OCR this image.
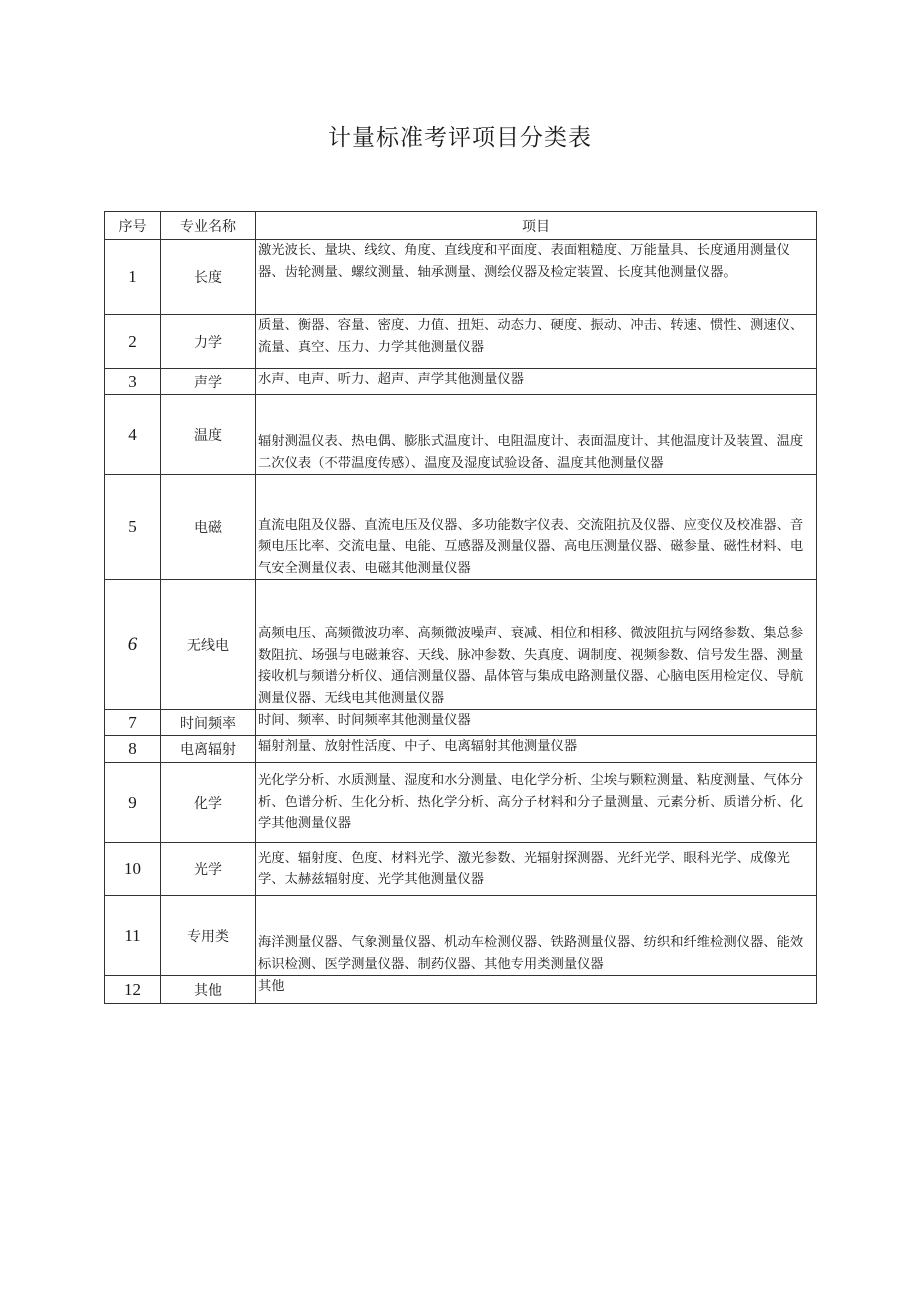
计量标准考评项目分类表
序号	专业名称	项目
1	长度	激光波长、量块、线纹、角度、直线度和平面度、表面粗糙度、万能量具、长度通用测量仪器、齿轮测量、螺纹测量、轴承测量、测绘仪器及检定装置、长度其他测量仪器。
2	力学	质量、衡器、容量、密度、力值、扭矩、动态力、硬度、振动、冲击、转速、惯性、测速仪、流量、真空、压力、力学其他测量仪器
3	声学	水声、电声、听力、超声、声学其他测量仪器
4	温度	辐射测温仪表、热电偶、膨胀式温度计、电阻温度计、表面温度计、其他温度计及装置、温度二次仪表（不带温度传感）、温度及湿度试验设备、温度其他测量仪器
5	电磁	直流电阻及仪器、直流电压及仪器、多功能数字仪表、交流阻抗及仪器、应变仪及校准器、音频电压比率、交流电量、电能、互感器及测量仪器、高电压测量仪器、磁参量、磁性材料、电气安全测量仪表、电磁其他测量仪器
6	无线电	高频电压、高频微波功率、高频微波噪声、衰减、相位和相移、微波阻抗与网络参数、集总参数阻抗、场强与电磁兼容、天线、脉冲参数、失真度、调制度、视频参数、信号发生器、测量接收机与频谱分析仪、通信测量仪器、晶体管与集成电路测量仪器、心脑电医用检定仪、导航测量仪器、无线电其他测量仪器
7	时间频率	时间、频率、时间频率其他测量仪器
8	电离辐射	辐射剂量、放射性活度、中子、电离辐射其他测量仪器
9	化学	光化学分析、水质测量、湿度和水分测量、电化学分析、尘埃与颗粒测量、粘度测量、气体分析、色谱分析、生化分析、热化学分析、高分子材料和分子量测量、元素分析、质谱分析、化学其他测量仪器
10	光学	光度、辐射度、色度、材料光学、激光参数、光辐射探测器、光纤光学、眼科光学、成像光学、太赫兹辐射度、光学其他测量仪器
11	专用类	海洋测量仪器、气象测量仪器、机动车检测仪器、铁路测量仪器、纺织和纤维检测仪器、能效标识检测、医学测量仪器、制药仪器、其他专用类测量仪器
12	其他	其他
